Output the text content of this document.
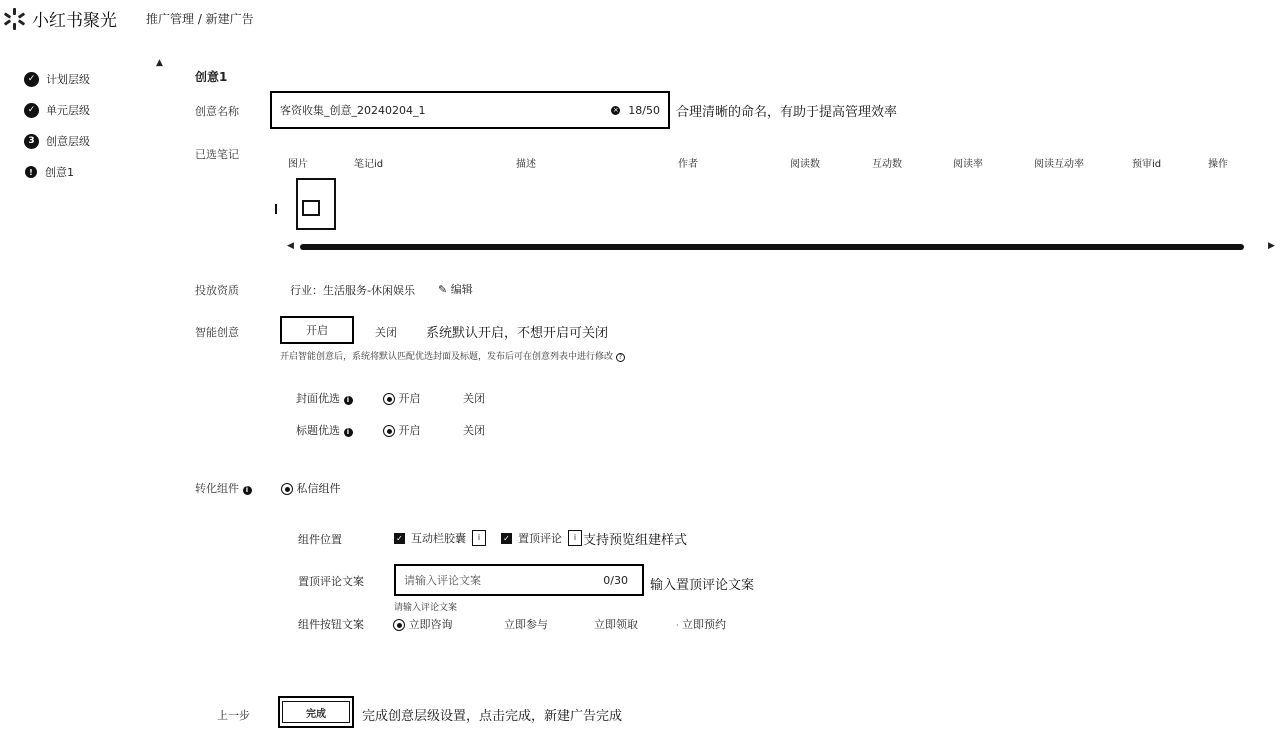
小红书聚光 推广管理 / 新建广告
▲
✓ 计划层级
✓ 单元层级
3	创意层级
!	创意1
创意1
创意名称	客资收集_创意_20240204_1	× 18/50 合理清晰的命名，有助于提高管理效率
已选笔记
图片	笔记id	描述	作者	阅读数	互动数	阅读率	阅读互动率	预审id	操作
◀	▶
投放资质	行业：生活服务-休闲娱乐 ✎ 编辑
智能创意	开启	关闭 系统默认开启，不想开启可关闭
开启智能创意后，系统将默认匹配优选封面及标题，发布后可在创意列表中进行修改 ?
封面优选 i	开启	关闭
标题优选 i	开启	关闭
转化组件 i	私信组件
组件位置	✓ 互动栏胶囊	i	✓ 置顶评论	i 支持预览组建样式
置顶评论文案	请输入评论文案	0/30 输入置顶评论文案
请输入评论文案
组件按钮文案	立即咨询	立即参与	立即领取	· 立即预约
上一步	完成	完成创意层级设置，点击完成，新建广告完成
